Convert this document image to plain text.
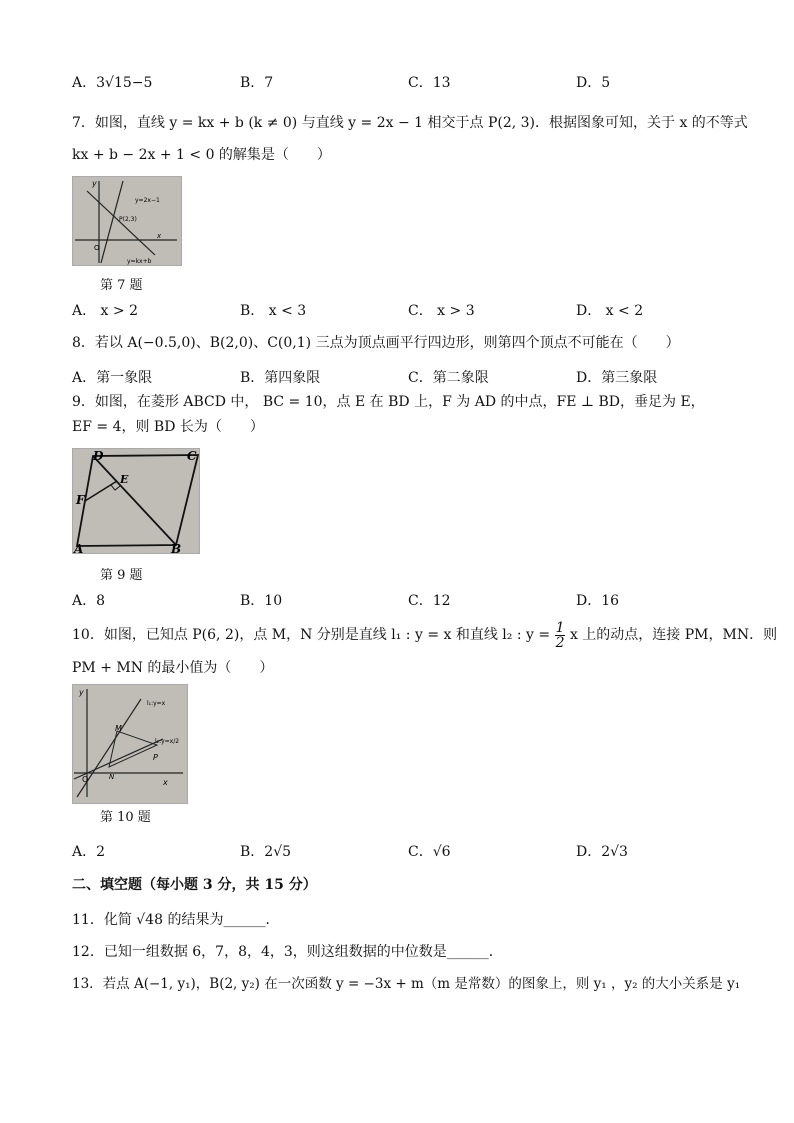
A．3√15−5	B．7	C．13	D．5
7．如图，直线 y = kx + b (k ≠ 0) 与直线 y = 2x − 1 相交于点 P(2, 3)．根据图象可知，关于 x 的不等式
kx + b − 2x + 1 < 0 的解集是（　　）
y
x
O
y=2x−1
P(2,3)
y=kx+b
第 7 题
A． x > 2	B． x < 3	C． x > 3	D． x < 2
8．若以 A(−0.5,0)、B(2,0)、C(0,1) 三点为顶点画平行四边形，则第四个顶点不可能在（　　）
A．第一象限	B．第四象限	C．第二象限	D．第三象限
9．如图，在菱形 ABCD 中， BC = 10，点 E 在 BD 上，F 为 AD 的中点，FE ⊥ BD，垂足为 E，
EF = 4，则 BD 长为（　　）
D	C
E
F
A	B
第 9 题
A．8	B．10	C．12	D．16
10．如图，已知点 P(6, 2)，点 M，N 分别是直线 l₁ : y = x 和直线 l₂ : $y = \frac{1}{2}$ x 上的动点，连接 PM，MN．则
PM + MN 的最小值为（　　）
y
x
O
M
N
P
l₁:y=x
l₂:y=x/2
第 10 题
A．2	B．2√5	C．√6	D．2√3
二、填空题（每小题 3 分，共 15 分）
11．化简 √48 的结果为______．
12．已知一组数据 6，7，8，4，3，则这组数据的中位数是______．
13．若点 A(−1, y₁)，B(2, y₂) 在一次函数 y = −3x + m（m 是常数）的图象上，则 y₁ ，y₂ 的大小关系是 y₁
